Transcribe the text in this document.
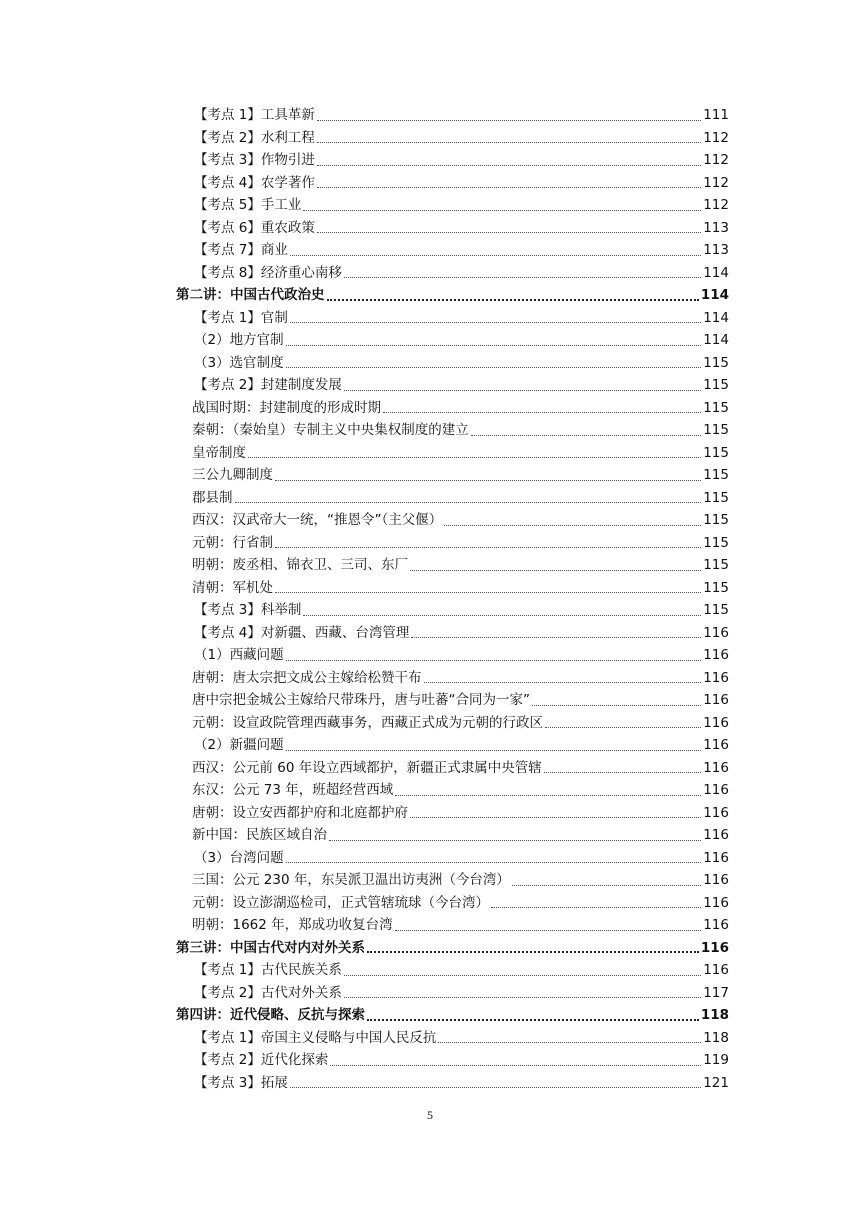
【考点 1】工具革新	111
【考点 2】水利工程	112
【考点 3】作物引进	112
【考点 4】农学著作	112
【考点 5】手工业	112
【考点 6】重农政策	113
【考点 7】商业	113
【考点 8】经济重心南移	114
第二讲：中国古代政治史	114
【考点 1】官制	114
（2）地方官制	114
（3）选官制度	115
【考点 2】封建制度发展	115
战国时期：封建制度的形成时期	115
秦朝：（秦始皇）专制主义中央集权制度的建立	115
皇帝制度	115
三公九卿制度	115
郡县制	115
西汉：汉武帝大一统，“推恩令”（主父偃）	115
元朝：行省制	115
明朝：废丞相、锦衣卫、三司、东厂	115
清朝：军机处	115
【考点 3】科举制	115
【考点 4】对新疆、西藏、台湾管理	116
（1）西藏问题	116
唐朝：唐太宗把文成公主嫁给松赞干布	116
唐中宗把金城公主嫁给尺带珠丹，唐与吐蕃“合同为一家”	116
元朝：设宣政院管理西藏事务，西藏正式成为元朝的行政区	116
（2）新疆问题	116
西汉：公元前 60 年设立西域都护，新疆正式隶属中央管辖	116
东汉：公元 73 年，班超经营西域	116
唐朝：设立安西都护府和北庭都护府	116
新中国：民族区域自治	116
（3）台湾问题	116
三国：公元 230 年，东吴派卫温出访夷洲（今台湾）	116
元朝：设立澎湖巡检司，正式管辖琉球（今台湾）	116
明朝：1662 年，郑成功收复台湾	116
第三讲：中国古代对内对外关系	116
【考点 1】古代民族关系	116
【考点 2】古代对外关系	117
第四讲：近代侵略、反抗与探索	118
【考点 1】帝国主义侵略与中国人民反抗	118
【考点 2】近代化探索	119
【考点 3】拓展	121
5
